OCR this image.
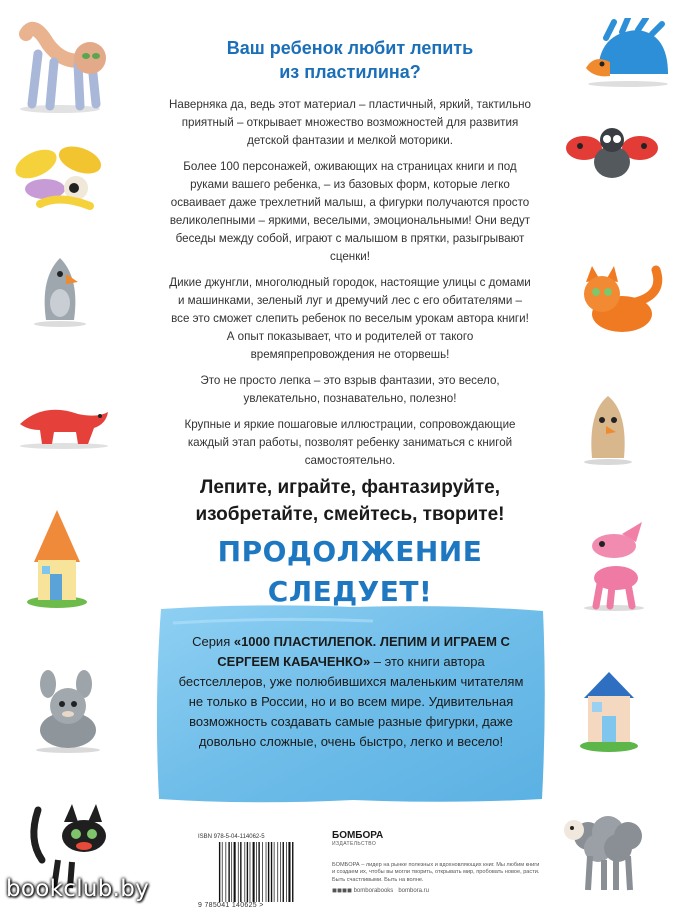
Ваш ребенок любит лепить
из пластилина?

Наверняка да, ведь этот материал – пластичный, яркий, тактильно приятный – открывает множество возможностей для развития детской фантазии и мелкой моторики.

Более 100 персонажей, оживающих на страницах книги и под руками вашего ребенка, – из базовых форм, которые легко осваивает даже трехлетний малыш, а фигурки получаются просто великолепными – яркими, веселыми, эмоциональными! Они ведут беседы между собой, играют с малышом в прятки, разыгрывают сценки!

Дикие джунгли, многолюдный городок, настоящие улицы с домами и машинками, зеленый луг и дремучий лес с его обитателями – все это сможет слепить ребенок по веселым урокам автора книги! А опыт показывает, что и родителей от такого времяпрепровождения не оторвешь!

Это не просто лепка – это взрыв фантазии, это весело, увлекательно, познавательно, полезно!

Крупные и яркие пошаговые иллюстрации, сопровождающие каждый этап работы, позволят ребенку заниматься с книгой самостоятельно.

Лепите, играйте, фантазируйте,
изобретайте, смейтесь, творите!
ПРОДОЛЖЕНИЕ СЛЕДУЕТ!
Серия «1000 ПЛАСТИЛЕПОК. ЛЕПИМ И ИГРАЕМ С СЕРГЕЕМ КАБАЧЕНКО» – это книги автора бестселлеров, уже полюбившихся маленьким читателям не только в России, но и во всем мире. Удивительная возможность создавать самые разные фигурки, даже довольно сложные, очень быстро, легко и весело!
ISBN 978-5-04-114062-5
9 785041 140625 >
БОМБОРА
ИЗДАТЕЛЬСТВО
БОМБОРА – лидер на рынке полезных и вдохновляющих книг. Мы любим книги и создаем их, чтобы вы могли творить, открывать мир, пробовать новое, расти. Быть счастливыми. Быть на волне.
◼◼◼◼ bomborabooks bombora.ru
bookclub.by
